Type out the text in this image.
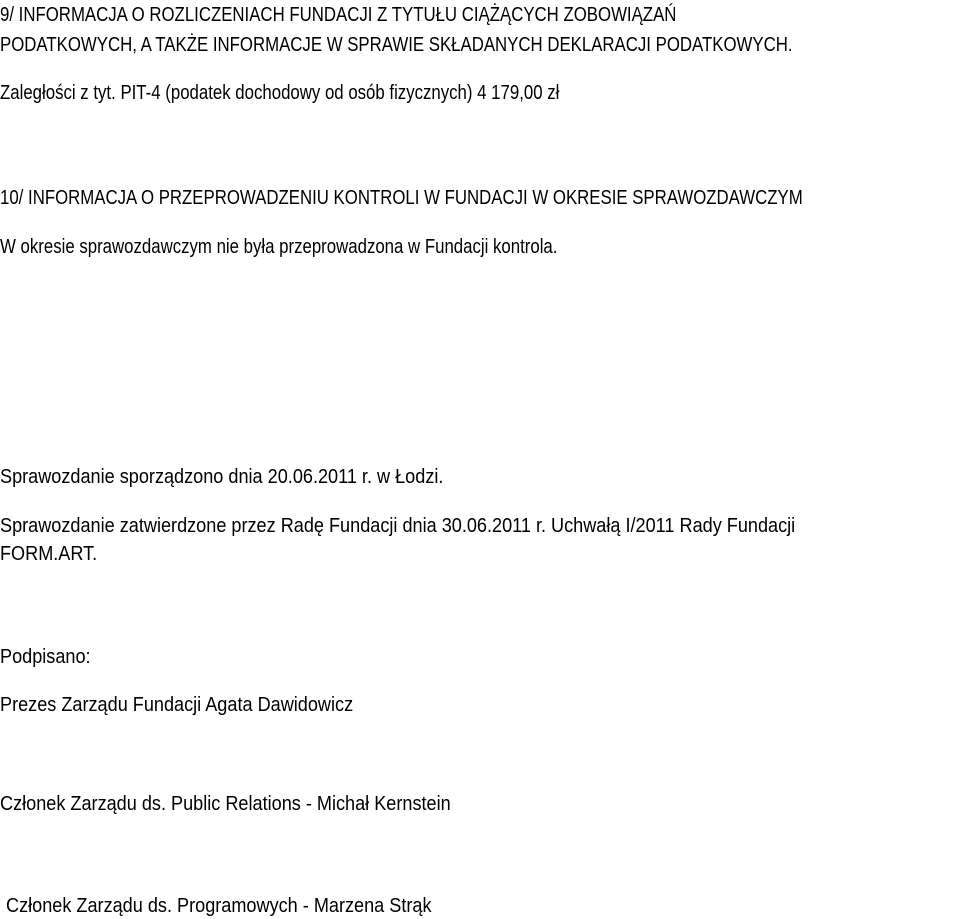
9/ INFORMACJA O ROZLICZENIACH FUNDACJI Z TYTUŁU CIĄŻĄCYCH ZOBOWIĄZAŃ

PODATKOWYCH, A TAKŻE INFORMACJE W SPRAWIE SKŁADANYCH DEKLARACJI PODATKOWYCH.

Zaległości z tyt. PIT-4 (podatek dochodowy od osób fizycznych) 4 179,00 zł

10/ INFORMACJA O PRZEPROWADZENIU KONTROLI W FUNDACJI W OKRESIE SPRAWOZDAWCZYM

W okresie sprawozdawczym nie była przeprowadzona w Fundacji kontrola.

Sprawozdanie sporządzono dnia 20.06.2011 r. w Łodzi.

Sprawozdanie zatwierdzone przez Radę Fundacji dnia 30.06.2011 r. Uchwałą I/2011 Rady Fundacji

FORM.ART.

Podpisano:

Prezes Zarządu Fundacji Agata Dawidowicz

Członek Zarządu ds. Public Relations - Michał Kernstein

Członek Zarządu ds. Programowych - Marzena Strąk
